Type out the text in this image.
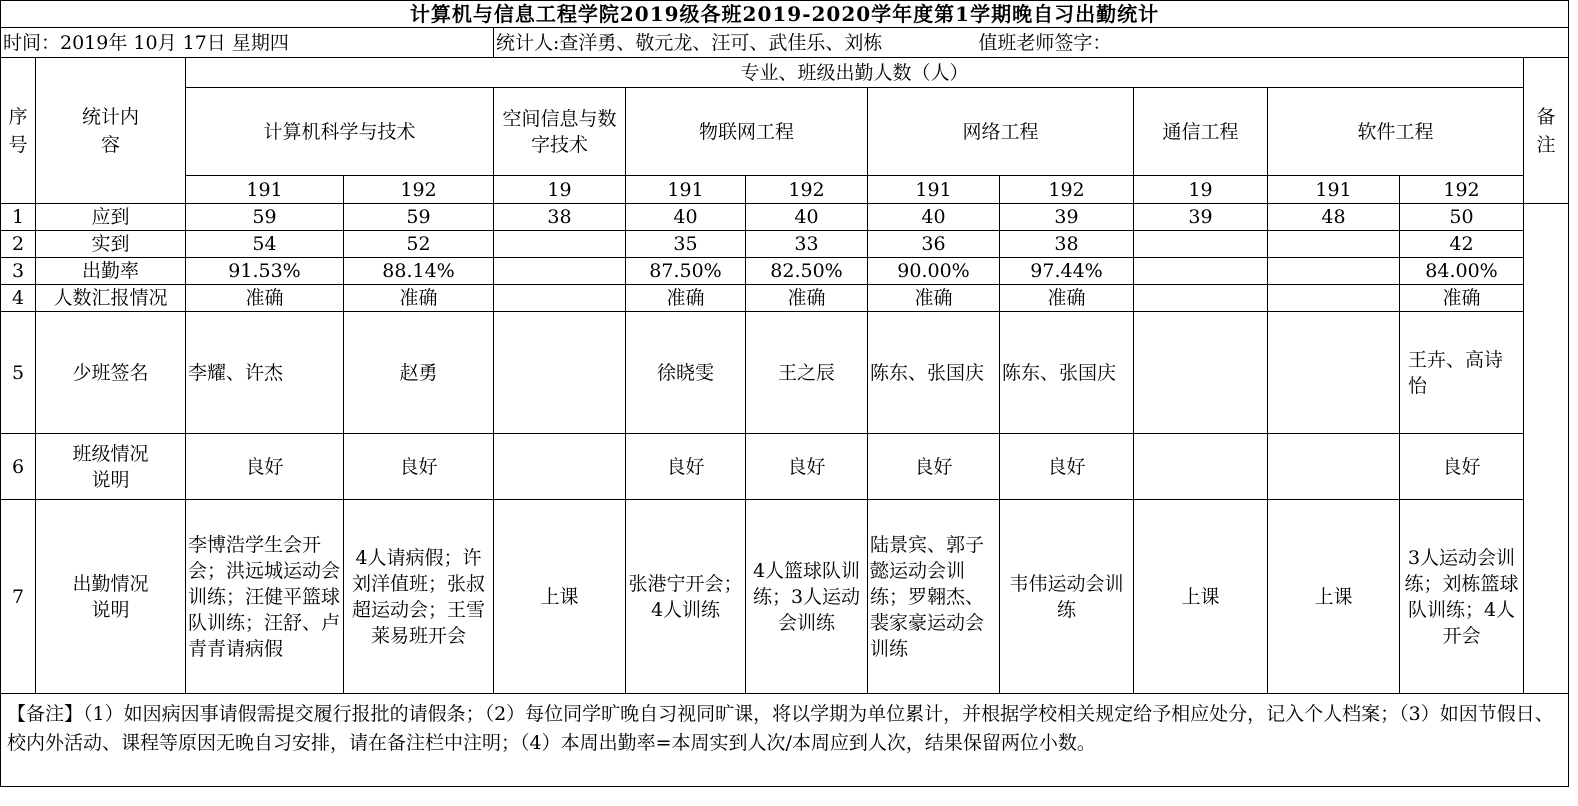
计算机与信息工程学院2019级各班2019-2020学年度第1学期晚自习出勤统计												
时间：2019年 10月 17日 星期四				统计人:查洋勇、敬元龙、汪可、武佳乐、刘栋 值班老师签字：								
序号	统计内容	专业、班级出勤人数（人）										备注
		计算机科学与技术		空间信息与数字技术	物联网工程		网络工程		通信工程	软件工程		
		191	192	19	191	192	191	192	19	191	192	
1	应到	59	59	38	40	40	40	39	39	48	50	
2	实到	54	52		35	33	36	38			42	
3	出勤率	91.53%	88.14%		87.50%	82.50%	90.00%	97.44%			84.00%	
4	人数汇报情况	准确	准确		准确	准确	准确	准确			准确	
5	少班签名	李耀、许杰	赵勇		徐晓雯	王之辰	陈东、张国庆	陈东、张国庆			王卉、高诗怡	
6	班级情况说明	良好	良好		良好	良好	良好	良好			良好	
7	出勤情况说明	李博浩学生会开会；洪远城运动会训练；汪健平篮球队训练；汪舒、卢青青请病假	4人请病假；许刘洋值班；张叔超运动会；王雪莱易班开会	上课	张港宁开会；4人训练	4人篮球队训练；3人运动会训练	陆景宾、郭子懿运动会训练；罗翱杰、裴家豪运动会训练	韦伟运动会训练	上课	上课	3人运动会训练；刘栋篮球队训练；4人开会	
【备注】（1）如因病因事请假需提交履行报批的请假条；（2）每位同学旷晚自习视同旷课，将以学期为单位累计，并根据学校相关规定给予相应处分，记入个人档案；（3）如因节假日、校内外活动、课程等原因无晚自习安排，请在备注栏中注明；（4）本周出勤率=本周实到人次/本周应到人次，结果保留两位小数。												
